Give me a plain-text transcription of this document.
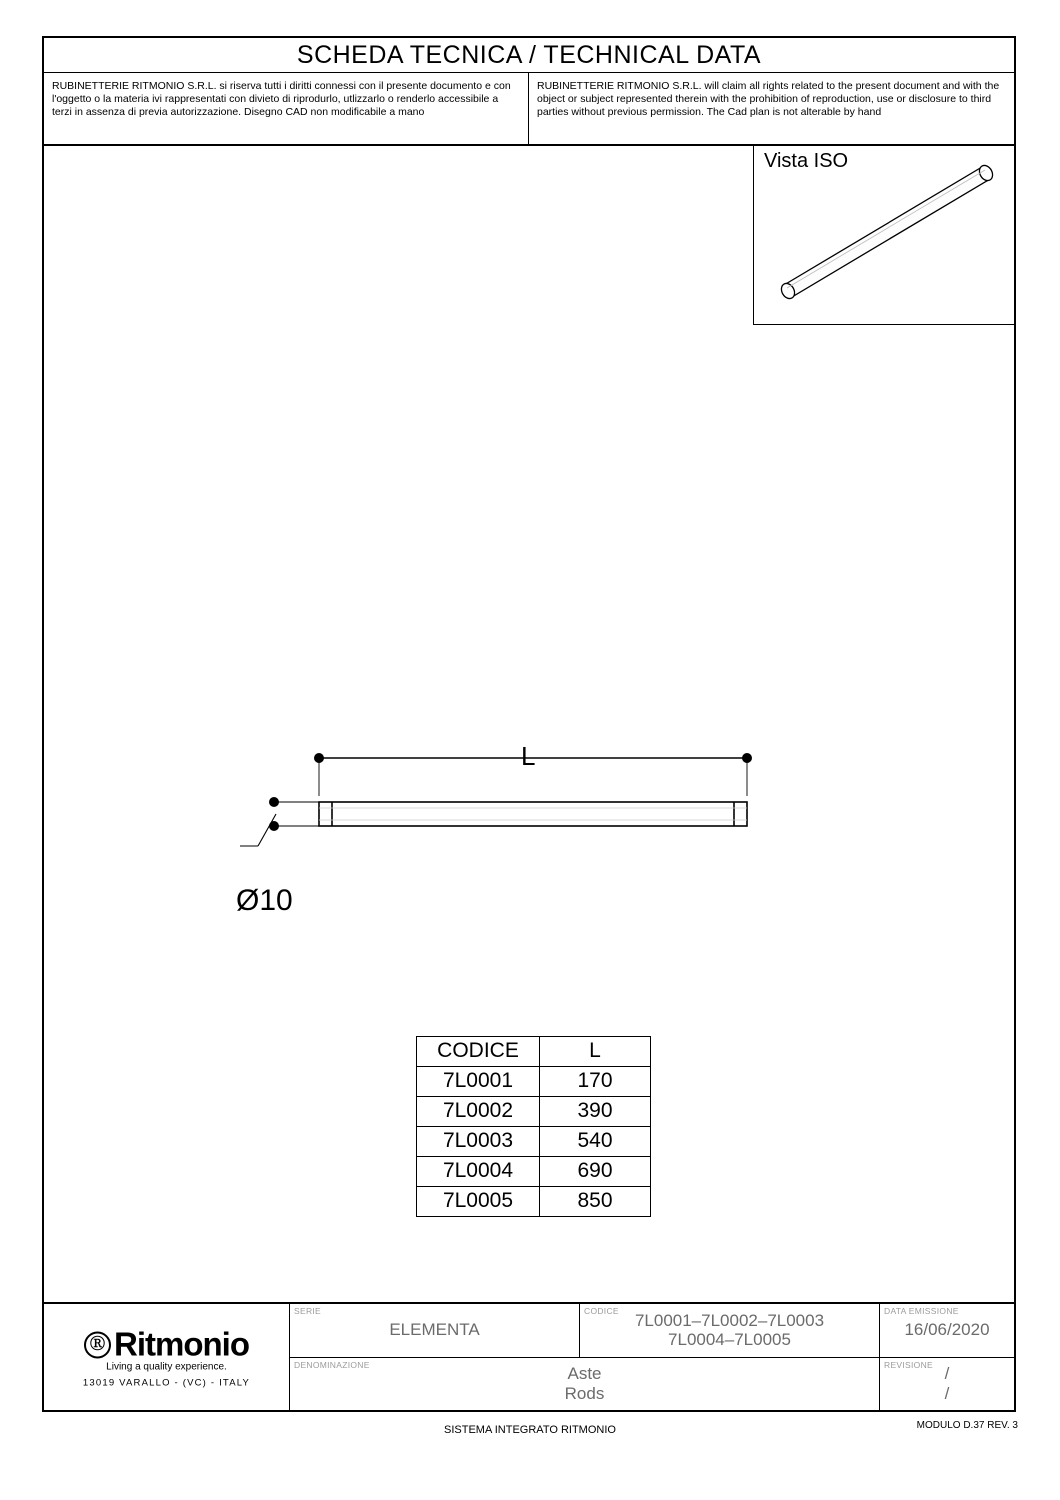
SCHEDA TECNICA / TECHNICAL DATA
RUBINETTERIE RITMONIO S.R.L. si riserva tutti i diritti connessi con il presente documento e con l'oggetto o la materia ivi rappresentati con divieto di riprodurlo, utlizzarlo o renderlo accessibile a terzi in assenza di previa autorizzazione. Disegno CAD non modificabile a mano
RUBINETTERIE RITMONIO S.R.L. will claim all rights related to the present document and with the object or subject represented therein with the prohibition of reproduction, use or disclosure to third parties without previous permission. The Cad plan is not alterable by hand
Vista ISO
L
Ø10
CODICE	L
7L0001	170
7L0002	390
7L0003	540
7L0004	690
7L0005	850
Ⓡ Ritmonio
Living a quality experience.
13019 VARALLO - (VC) - ITALY
SERIE
ELEMENTA
CODICE 7L0001–7L0002–7L0003
7L0004–7L0005
DATA EMISSIONE
16/06/2020
DENOMINAZIONE	Aste
Rods
REVISIONE /
/
SISTEMA INTEGRATO RITMONIO	MODULO D.37 REV. 3
